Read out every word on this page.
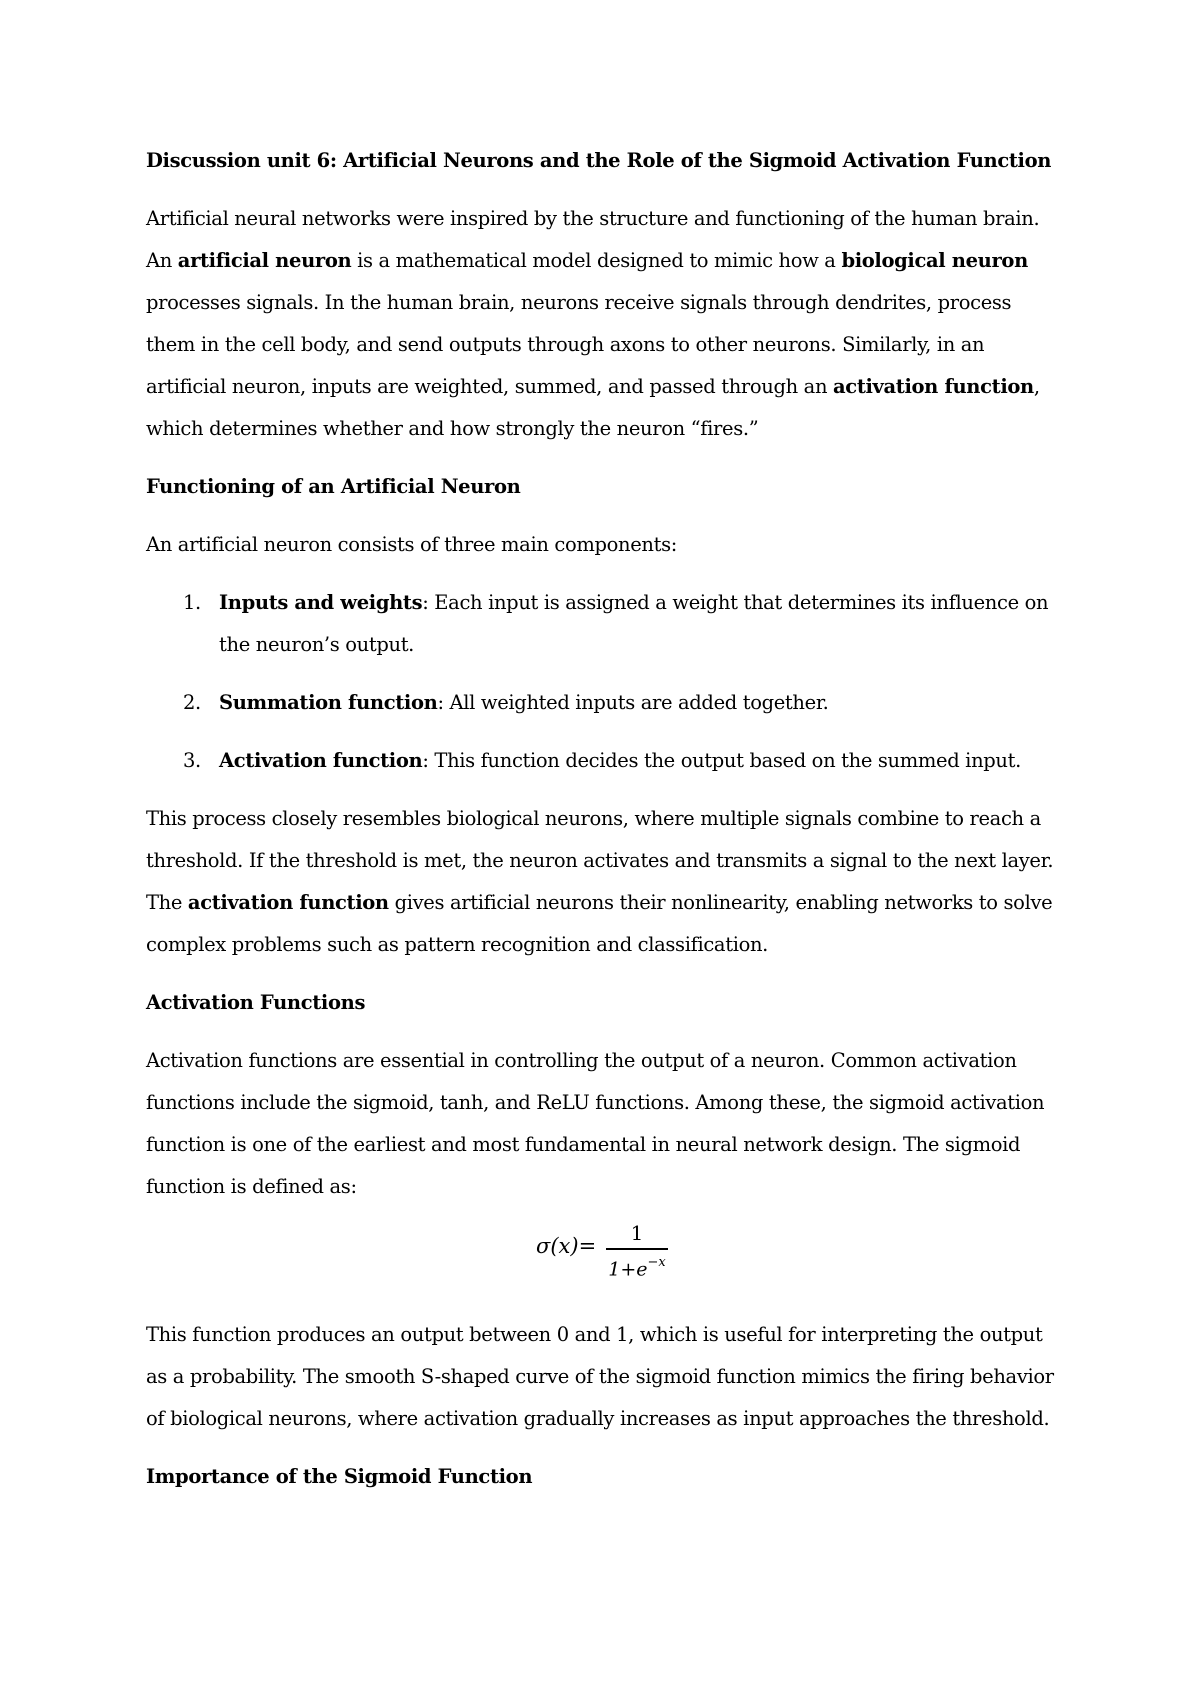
Discussion unit 6: Artificial Neurons and the Role of the Sigmoid Activation Function

Artificial neural networks were inspired by the structure and functioning of the human brain. An artificial neuron is a mathematical model designed to mimic how a biological neuron processes signals. In the human brain, neurons receive signals through dendrites, process them in the cell body, and send outputs through axons to other neurons. Similarly, in an artificial neuron, inputs are weighted, summed, and passed through an activation function, which determines whether and how strongly the neuron “fires.”

Functioning of an Artificial Neuron

An artificial neuron consists of three main components:

1. Inputs and weights: Each input is assigned a weight that determines its influence on the neuron’s output.
2. Summation function: All weighted inputs are added together.
3. Activation function: This function decides the output based on the summed input.

This process closely resembles biological neurons, where multiple signals combine to reach a threshold. If the threshold is met, the neuron activates and transmits a signal to the next layer. The activation function gives artificial neurons their nonlinearity, enabling networks to solve complex problems such as pattern recognition and classification.

Activation Functions

Activation functions are essential in controlling the output of a neuron. Common activation functions include the sigmoid, tanh, and ReLU functions. Among these, the sigmoid activation function is one of the earliest and most fundamental in neural network design. The sigmoid function is defined as:

σ(x)=
1
$1+e^{-x}$

This function produces an output between 0 and 1, which is useful for interpreting the output as a probability. The smooth S-shaped curve of the sigmoid function mimics the firing behavior of biological neurons, where activation gradually increases as input approaches the threshold.

Importance of the Sigmoid Function
